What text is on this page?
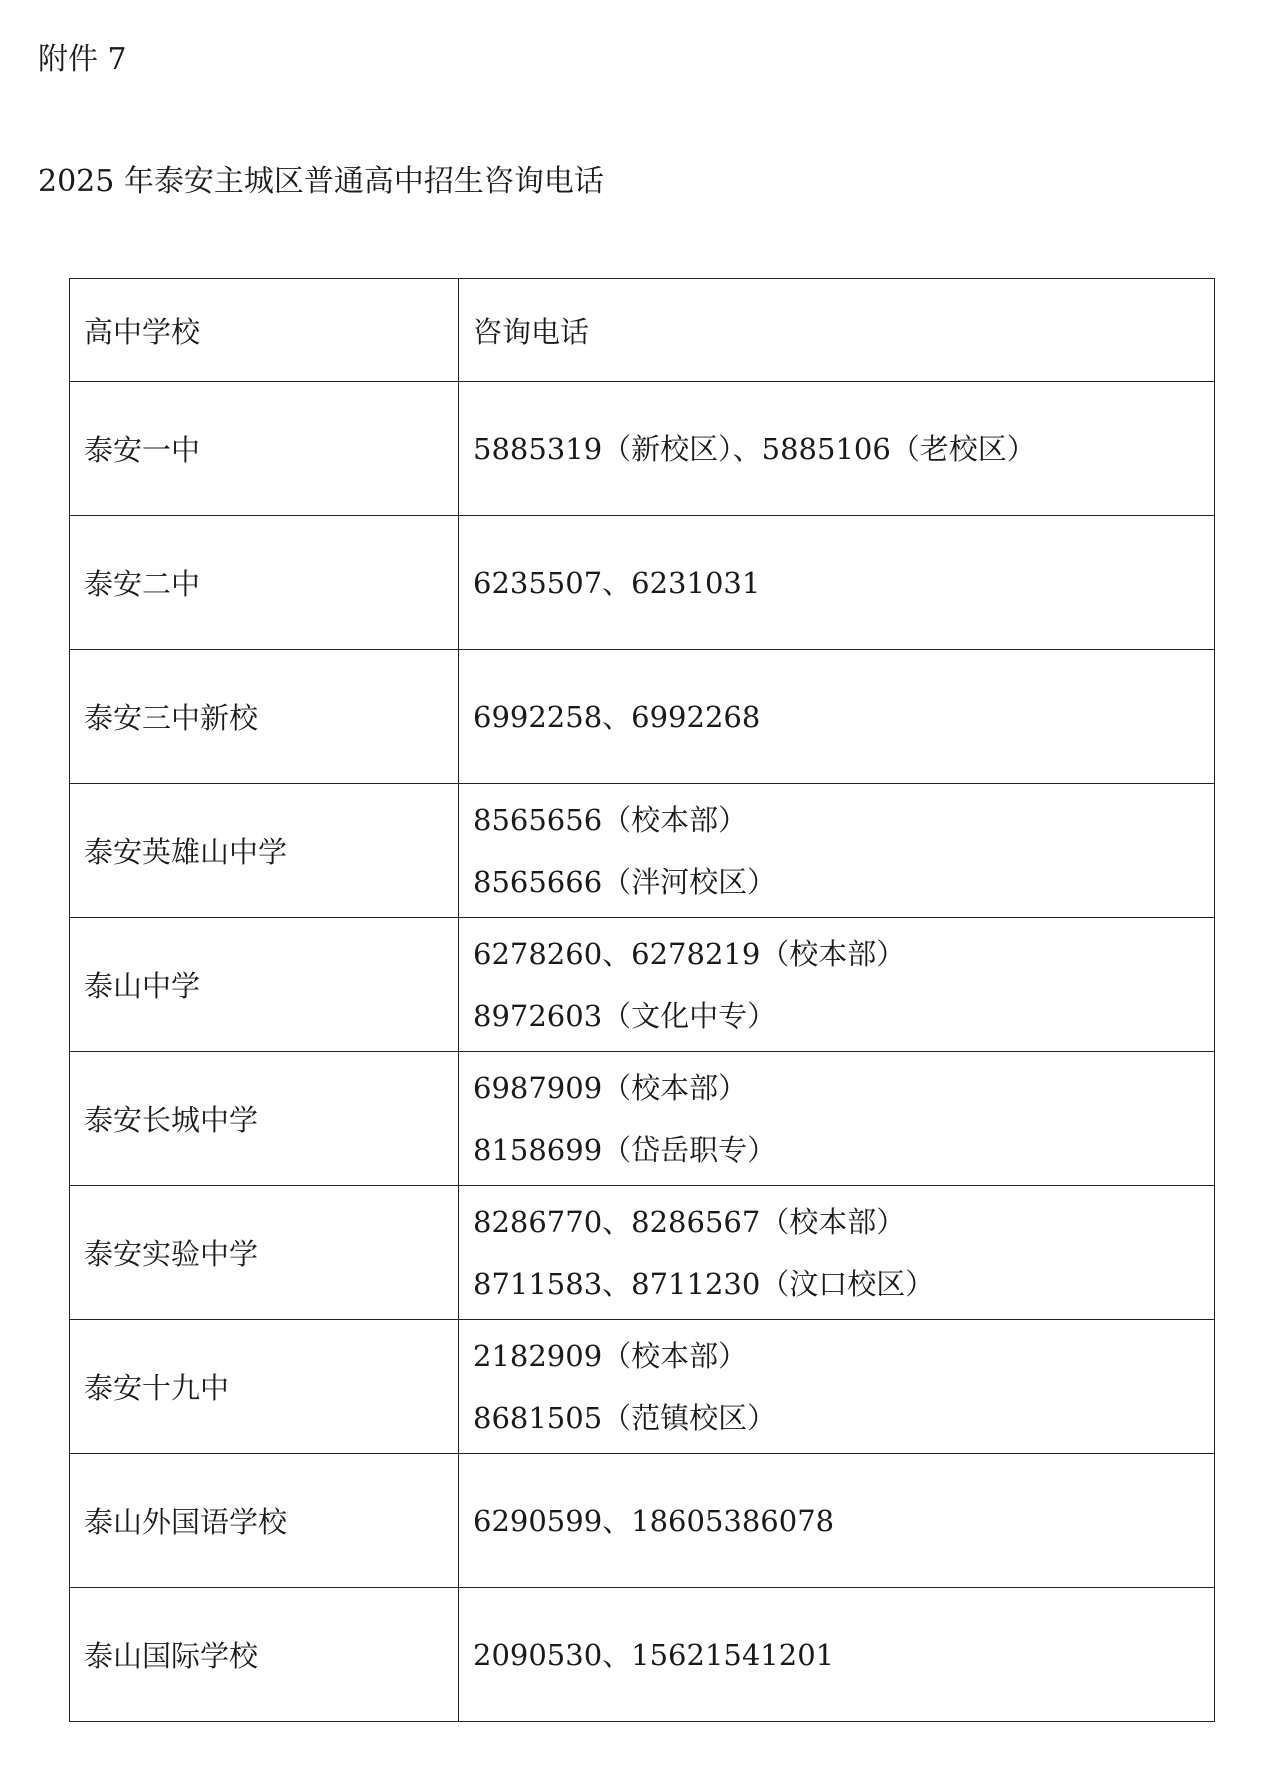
附件 7
2025 年泰安主城区普通高中招生咨询电话
高中学校	咨询电话
泰安一中	5885319（新校区）、5885106（老校区）

泰安二中	6235507、6231031

泰安三中新校	6992258、6992268

泰安英雄山中学	8565656（校本部）
8565666（泮河校区）

泰山中学	6278260、6278219（校本部）
8972603（文化中专）

泰安长城中学	6987909（校本部）
8158699（岱岳职专）

泰安实验中学	8286770、8286567（校本部）
8711583、8711230（汶口校区）

泰安十九中	2182909（校本部）
8681505（范镇校区）

泰山外国语学校	6290599、18605386078

泰山国际学校	2090530、15621541201
